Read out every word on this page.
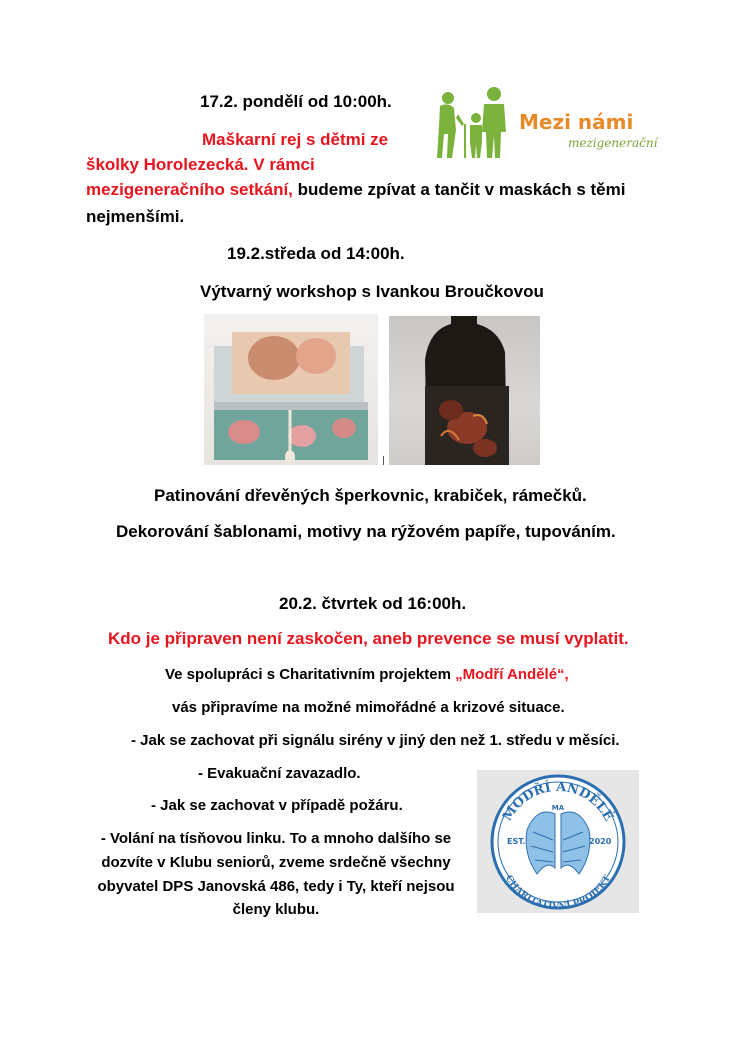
Mezi námi
mezigenerační
17.2. pondělí od 10:00h.
Maškarní rej s dětmi ze
školky Horolezecká. V rámci
mezigeneračního setkání, budeme zpívat a tančit v maskách s těmi
nejmenšími.
19.2.středa od 14:00h.
Výtvarný workshop s Ivankou Broučkovou
Patinování dřevěných šperkovnic, krabiček, rámečků.
Dekorování šablonami, motivy na rýžovém papíře, tupováním.
20.2. čtvrtek od 16:00h.
Kdo je připraven není zaskočen, aneb prevence se musí vyplatit.
Ve spolupráci s Charitativním projektem „Modří Andělé“,
vás připravíme na možné mimořádné a krizové situace.
- Jak se zachovat při signálu sirény v jiný den než 1. středu v měsíci.
- Evakuační zavazadlo.
- Jak se zachovat v případě požáru.
- Volání na tísňovou linku. To a mnoho dalšího se
dozvíte v Klubu seniorů, zveme srdečně všechny
obyvatel DPS Janovská 486, tedy i Ty, kteří nejsou
členy klubu.
MODŘÍ ANDĚLÉ
CHARITATIVNÍ PROJEKT
MA
EST.	2020
